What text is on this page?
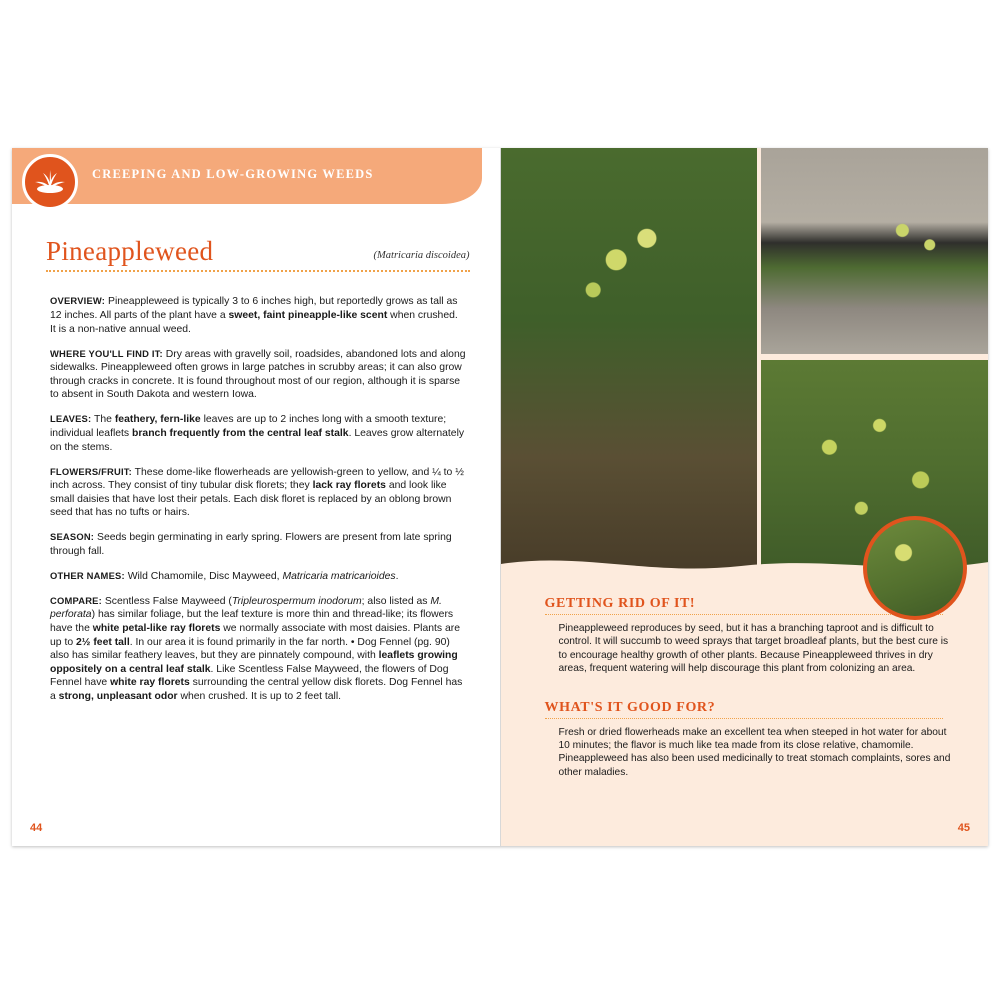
CREEPING AND LOW-GROWING WEEDS
Pineappleweed	(Matricaria discoidea)

OVERVIEW: Pineappleweed is typically 3 to 6 inches high, but reportedly grows as tall as 12 inches. All parts of the plant have a sweet, faint pineapple-like scent when crushed. It is a non-native annual weed.

WHERE YOU'LL FIND IT: Dry areas with gravelly soil, roadsides, abandoned lots and along sidewalks. Pineappleweed often grows in large patches in scrubby areas; it can also grow through cracks in concrete. It is found throughout most of our region, although it is sparse to absent in South Dakota and western Iowa.

LEAVES: The feathery, fern-like leaves are up to 2 inches long with a smooth texture; individual leaflets branch frequently from the central leaf stalk. Leaves grow alternately on the stems.

FLOWERS/FRUIT: These dome-like flowerheads are yellowish-green to yellow, and ¼ to ½ inch across. They consist of tiny tubular disk florets; they lack ray florets and look like small daisies that have lost their petals. Each disk floret is replaced by an oblong brown seed that has no tufts or hairs.

SEASON: Seeds begin germinating in early spring. Flowers are present from late spring through fall.

OTHER NAMES: Wild Chamomile, Disc Mayweed, Matricaria matricarioides.

COMPARE: Scentless False Mayweed (Tripleurospermum inodorum; also listed as M. perforata) has similar foliage, but the leaf texture is more thin and thread-like; its flowers have the white petal-like ray florets we normally associate with most daisies. Plants are up to 2½ feet tall. In our area it is found primarily in the far north. • Dog Fennel (pg. 90) also has similar feathery leaves, but they are pinnately compound, with leaflets growing oppositely on a central leaf stalk. Like Scentless False Mayweed, the flowers of Dog Fennel have white ray florets surrounding the central yellow disk florets. Dog Fennel has a strong, unpleasant odor when crushed. It is up to 2 feet tall.

44
GETTING RID OF IT!
Pineappleweed reproduces by seed, but it has a branching taproot and is difficult to control. It will succumb to weed sprays that target broadleaf plants, but the best cure is to encourage healthy growth of other plants. Because Pineappleweed thrives in dry areas, frequent watering will help discourage this plant from colonizing an area.
WHAT'S IT GOOD FOR?
Fresh or dried flowerheads make an excellent tea when steeped in hot water for about 10 minutes; the flavor is much like tea made from its close relative, chamomile. Pineappleweed has also been used medicinally to treat stomach complaints, sores and other maladies.
45
